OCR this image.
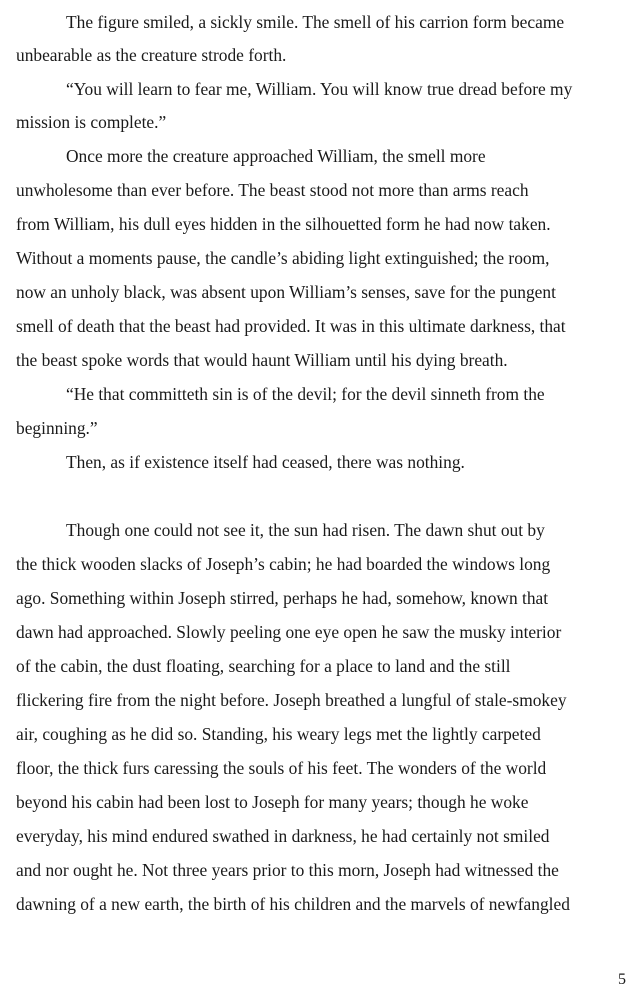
The figure smiled, a sickly smile. The smell of his carrion form became
unbearable as the creature strode forth.
“You will learn to fear me, William. You will know true dread before my
mission is complete.”
Once more the creature approached William, the smell more
unwholesome than ever before. The beast stood not more than arms reach
from William, his dull eyes hidden in the silhouetted form he had now taken.
Without a moments pause, the candle’s abiding light extinguished; the room,
now an unholy black, was absent upon William’s senses, save for the pungent
smell of death that the beast had provided. It was in this ultimate darkness, that
the beast spoke words that would haunt William until his dying breath.
“He that committeth sin is of the devil; for the devil sinneth from the
beginning.”
Then, as if existence itself had ceased, there was nothing.
Though one could not see it, the sun had risen. The dawn shut out by
the thick wooden slacks of Joseph’s cabin; he had boarded the windows long
ago. Something within Joseph stirred, perhaps he had, somehow, known that
dawn had approached. Slowly peeling one eye open he saw the musky interior
of the cabin, the dust floating, searching for a place to land and the still
flickering fire from the night before. Joseph breathed a lungful of stale-smokey
air, coughing as he did so. Standing, his weary legs met the lightly carpeted
floor, the thick furs caressing the souls of his feet. The wonders of the world
beyond his cabin had been lost to Joseph for many years; though he woke
everyday, his mind endured swathed in darkness, he had certainly not smiled
and nor ought he. Not three years prior to this morn, Joseph had witnessed the
dawning of a new earth, the birth of his children and the marvels of newfangled
5
